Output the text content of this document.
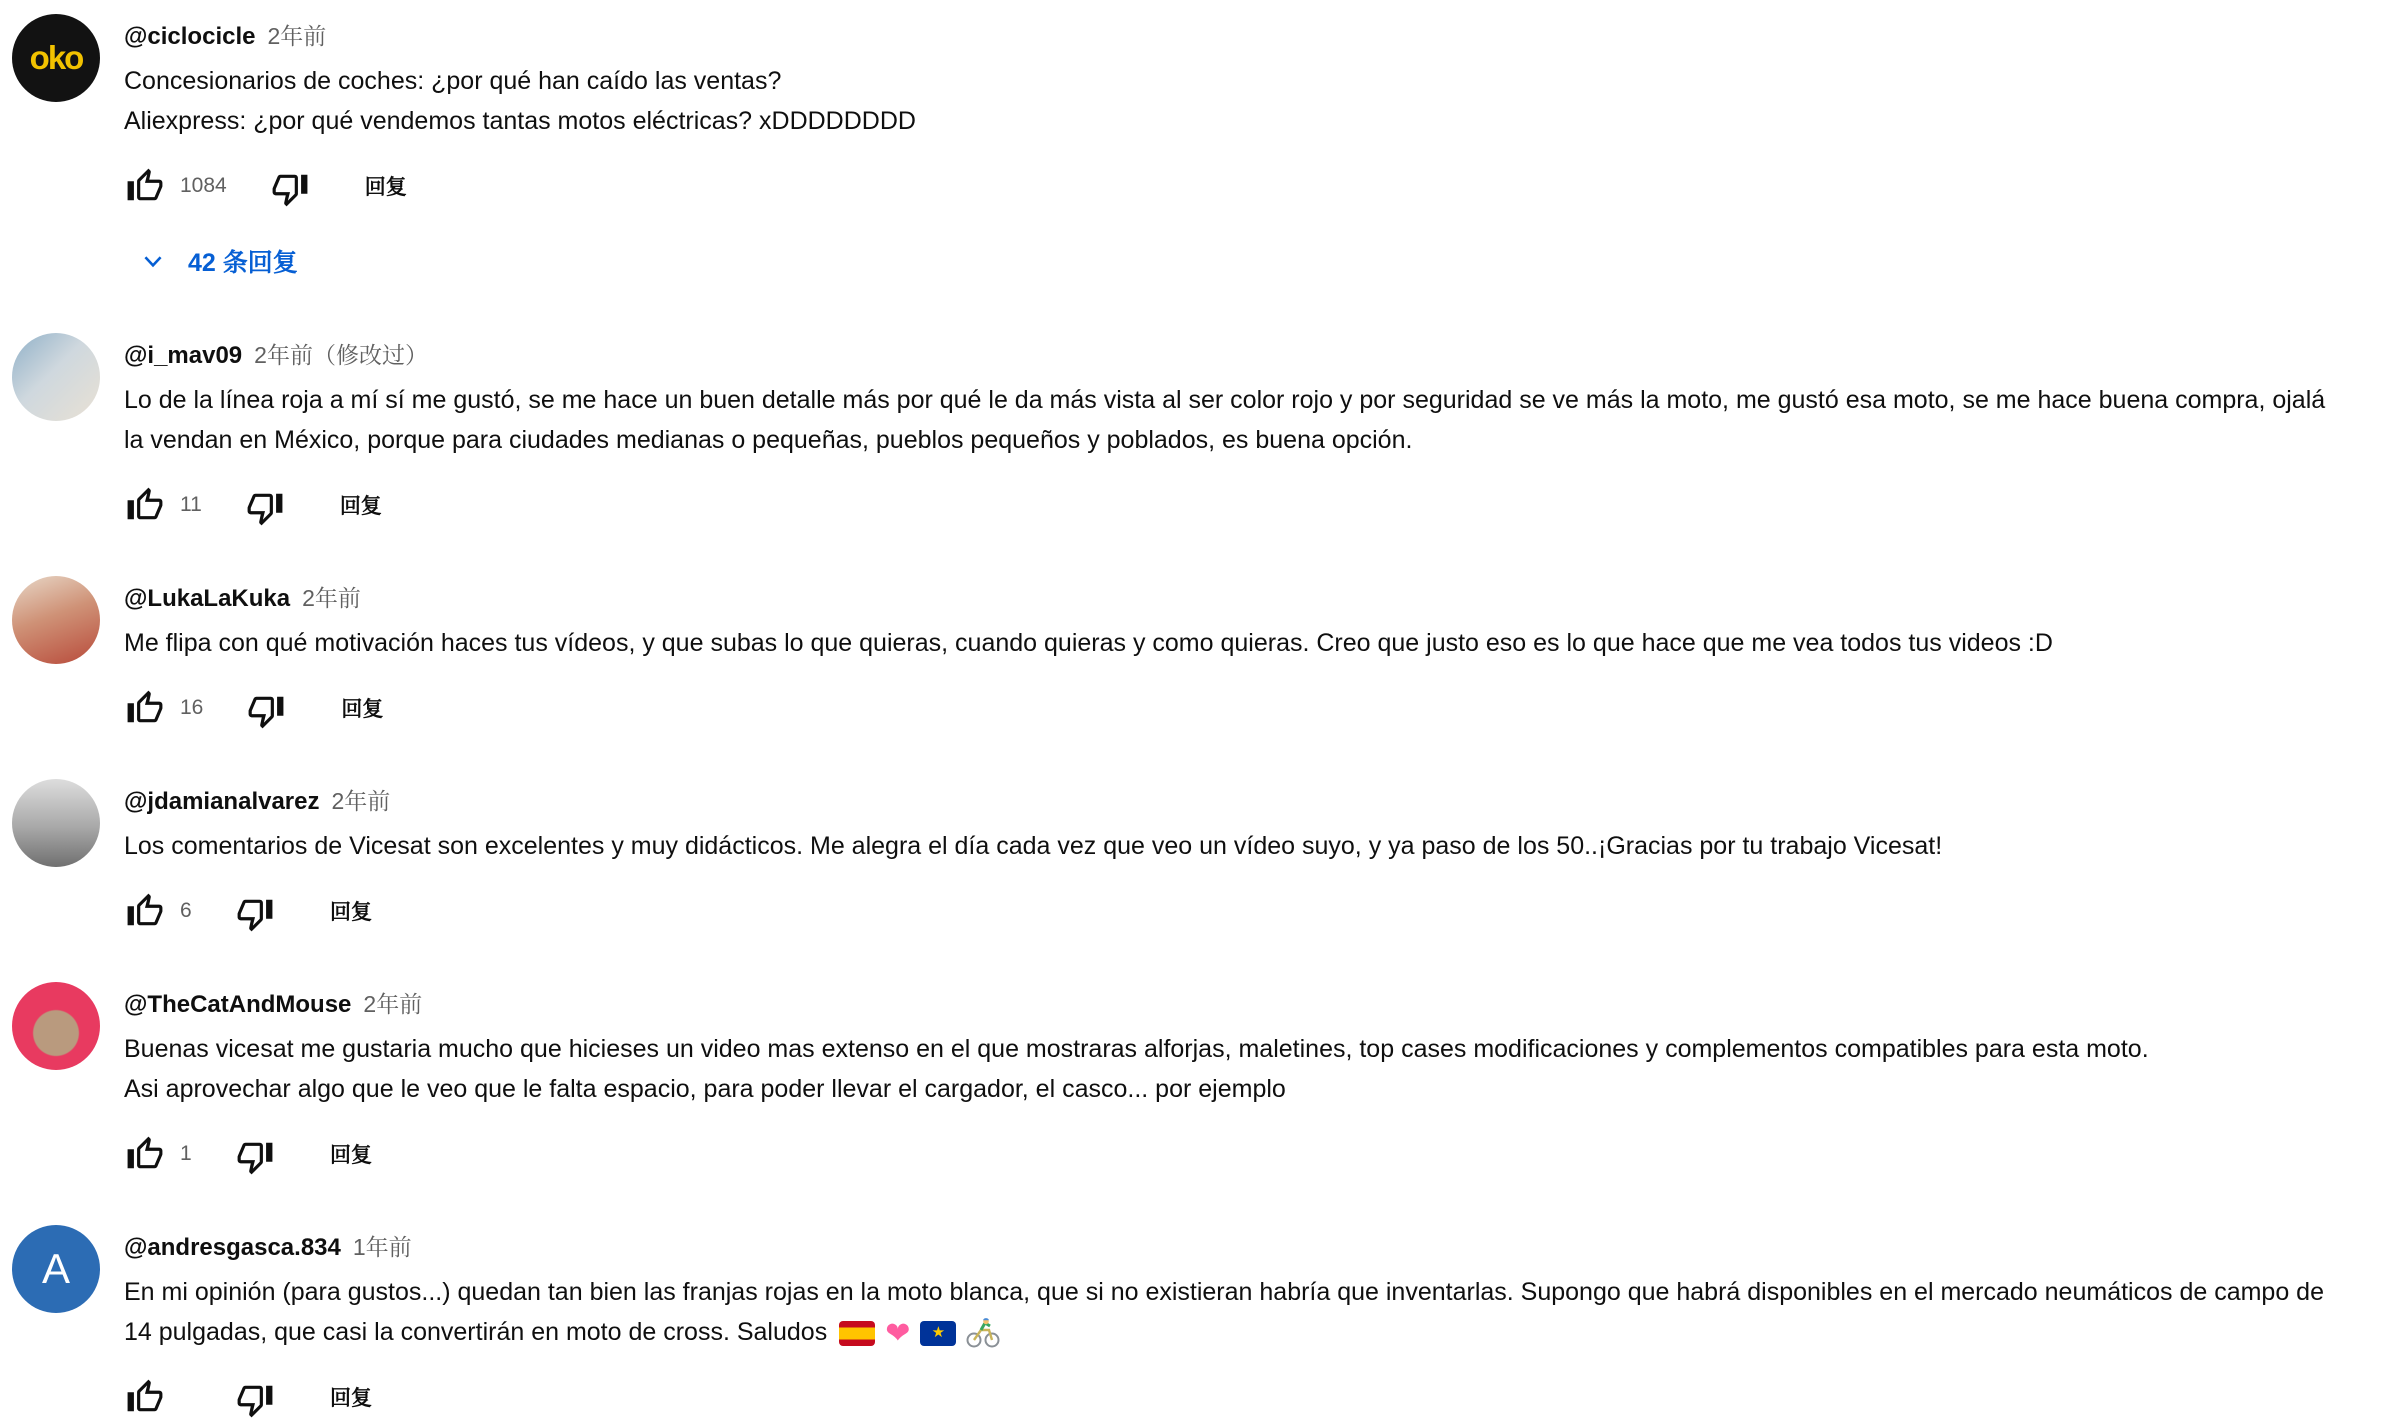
oko
@ciclocicle 2年前

Concesionarios de coches: ¿por qué han caído las ventas?

Aliexpress: ¿por qué vendemos tantas motos eléctricas? xDDDDDDDD

1084	回复
42 条回复
@i_mav09 2年前（修改过）

Lo de la línea roja a mí sí me gustó, se me hace un buen detalle más por qué le da más vista al ser color rojo y por seguridad se ve más la moto, me gustó esa moto, se me hace buena compra, ojalá la vendan en México, porque para ciudades medianas o pequeñas, pueblos pequeños y poblados, es buena opción.

11	回复
@LukaLaKuka 2年前

Me flipa con qué motivación haces tus vídeos, y que subas lo que quieras, cuando quieras y como quieras. Creo que justo eso es lo que hace que me vea todos tus videos :D

16	回复
@jdamianalvarez 2年前

Los comentarios de Vicesat son excelentes y muy didácticos. Me alegra el día cada vez que veo un vídeo suyo, y ya paso de los 50..¡Gracias por tu trabajo Vicesat!

6	回复
@TheCatAndMouse 2年前

Buenas vicesat me gustaria mucho que hicieses un video mas extenso en el que mostraras alforjas, maletines, top cases modificaciones y complementos compatibles para esta moto.

Asi aprovechar algo que le veo que le falta espacio, para poder llevar el cargador, el casco... por ejemplo

1	回复
A @andresgasca.834 1年前

En mi opinión (para gustos...) quedan tan bien las franjas rojas en la moto blanca, que si no existieran habría que inventarlas. Supongo que habrá disponibles en el mercado neumáticos de campo de 14 pulgadas, que casi la convertirán en moto de cross. Saludos ❤	★

回复
